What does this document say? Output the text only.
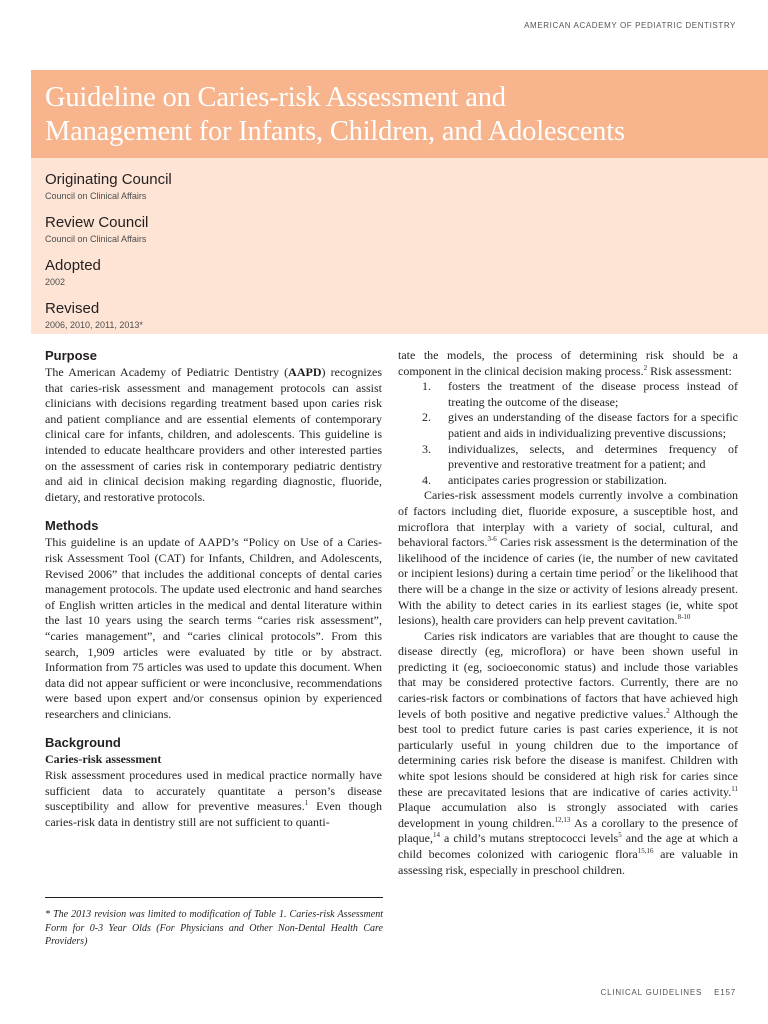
AMERICAN ACADEMY OF PEDIATRIC DENTISTRY
Guideline on Caries-risk Assessment and
Management for Infants, Children, and Adolescents

Originating Council

Council on Clinical Affairs

Review Council

Council on Clinical Affairs

Adopted

2002

Revised

2006, 2010, 2011, 2013*

Purpose

The American Academy of Pediatric Dentistry (AAPD) recognizes that caries-risk assessment and management protocols can assist clinicians with decisions regarding treatment based upon caries risk and patient compliance and are essential elements of contemporary clinical care for infants, children, and adolescents. This guideline is intended to educate healthcare providers and other interested parties on the assessment of caries risk in contemporary pediatric dentistry and aid in clinical decision making regarding diagnostic, fluoride, dietary, and restorative protocols.

Methods

This guideline is an update of AAPD’s “Policy on Use of a Caries-risk Assessment Tool (CAT) for Infants, Children, and Adolescents, Revised 2006” that includes the additional concepts of dental caries management protocols. The update used electronic and hand searches of English written articles in the medical and dental literature within the last 10 years using the search terms “caries risk assessment”, “caries management”, and “caries clinical protocols”. From this search, 1,909 articles were evaluated by title or by abstract. Information from 75 articles was used to update this document. When data did not appear sufficient or were inconclusive, recommendations were based upon expert and/or consensus opinion by experienced researchers and clinicians.

Background

Caries-risk assessment

Risk assessment procedures used in medical practice normally have sufficient data to accurately quantitate a person’s disease susceptibility and allow for preventive measures.$^1$ Even though caries-risk data in dentistry still are not sufficient to quanti-

tate the models, the process of determining risk should be a component in the clinical decision making process.$^2$ Risk assessment:

1.	fosters the treatment of the disease process instead of treating the outcome of the disease;
2.	gives an understanding of the disease factors for a specific patient and aids in individualizing preventive discussions;
3.	individualizes, selects, and determines frequency of preventive and restorative treatment for a patient; and
4.	anticipates caries progression or stabilization.

Caries-risk assessment models currently involve a combination of factors including diet, fluoride exposure, a susceptible host, and microflora that interplay with a variety of social, cultural, and behavioral factors.$^{3-6}$ Caries risk assessment is the determination of the likelihood of the incidence of caries (ie, the number of new cavitated or incipient lesions) during a certain time period$^7$ or the likelihood that there will be a change in the size or activity of lesions already present. With the ability to detect caries in its earliest stages (ie, white spot lesions), health care providers can help prevent cavitation.$^{8-10}$

Caries risk indicators are variables that are thought to cause the disease directly (eg, microflora) or have been shown useful in predicting it (eg, socioeconomic status) and include those variables that may be considered protective factors. Currently, there are no caries-risk factors or combinations of factors that have achieved high levels of both positive and negative predictive values.$^2$ Although the best tool to predict future caries is past caries experience, it is not particularly useful in young children due to the importance of determining caries risk before the disease is manifest. Children with white spot lesions should be considered at high risk for caries since these are precavitated lesions that are indicative of caries activity.$^{11}$ Plaque accumulation also is strongly associated with caries development in young children.$^{12,13}$ As a corollary to the presence of plaque,$^{14}$ a child’s mutans streptococci levels$^5$ and the age at which a child becomes colonized with cariogenic flora$^{15,16}$ are valuable in assessing risk, especially in preschool children.

* The 2013 revision was limited to modification of Table 1. Caries-risk Assessment Form for 0-3 Year Olds (For Physicians and Other Non-Dental Health Care Providers)

CLINICAL GUIDELINES E157
